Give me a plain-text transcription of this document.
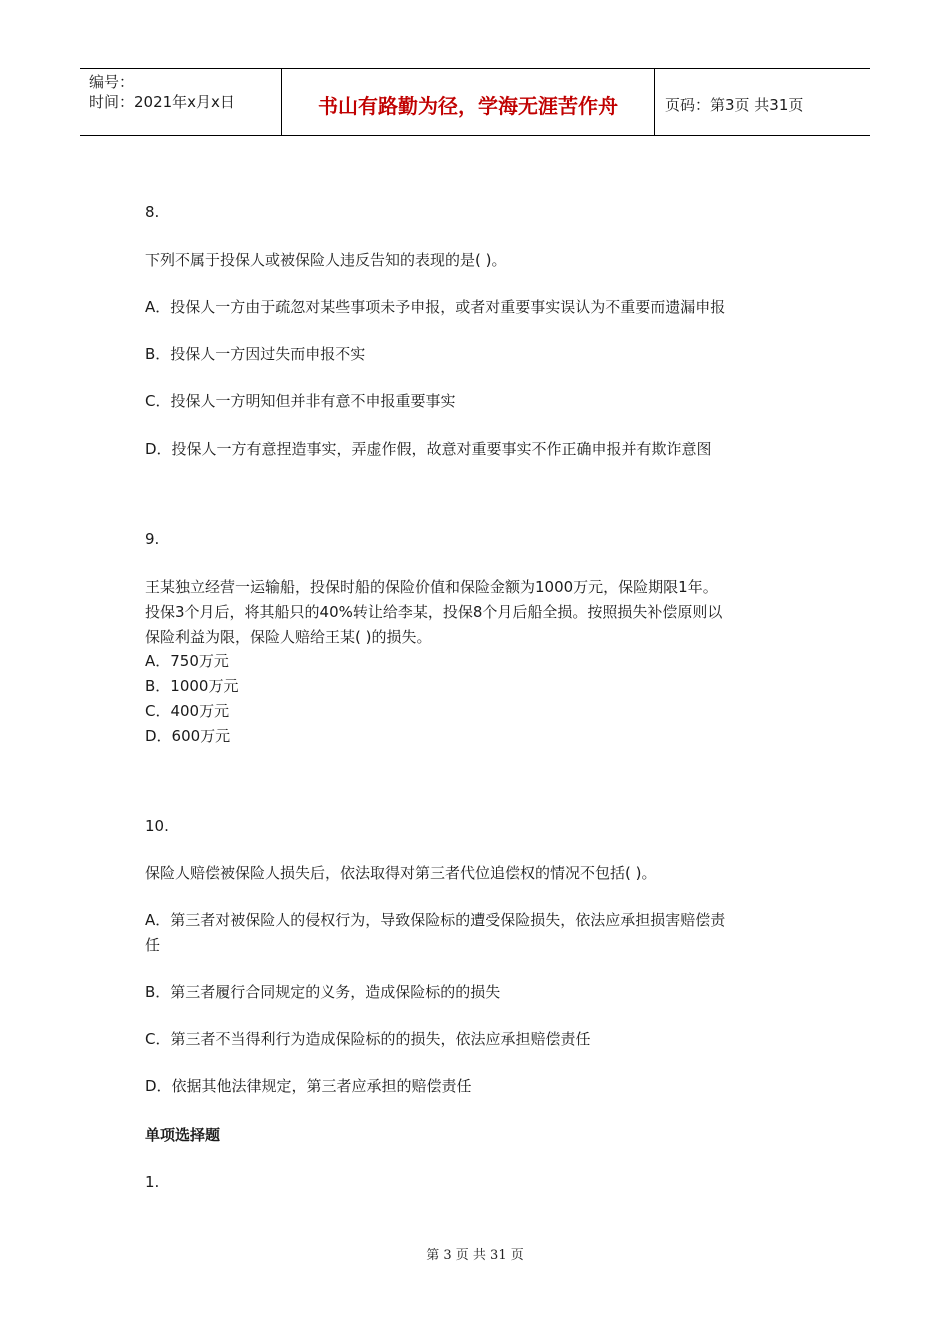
编号：
时间：2021年x月x日	书山有路勤为径，学海无涯苦作舟	页码：第3页 共31页
8.
下列不属于投保人或被保险人违反告知的表现的是( )。
A．投保人一方由于疏忽对某些事项未予申报，或者对重要事实误认为不重要而遗漏申报
B．投保人一方因过失而申报不实
C．投保人一方明知但并非有意不申报重要事实
D．投保人一方有意捏造事实，弄虚作假，故意对重要事实不作正确申报并有欺诈意图
9.
王某独立经营一运输船，投保时船的保险价值和保险金额为1000万元，保险期限1年。
投保3个月后，将其船只的40%转让给李某，投保8个月后船全损。按照损失补偿原则以
保险利益为限，保险人赔给王某( )的损失。
A．750万元
B．1000万元
C．400万元
D．600万元
10.
保险人赔偿被保险人损失后，依法取得对第三者代位追偿权的情况不包括( )。
A．第三者对被保险人的侵权行为，导致保险标的遭受保险损失，依法应承担损害赔偿责
任
B．第三者履行合同规定的义务，造成保险标的的损失
C．第三者不当得利行为造成保险标的的损失，依法应承担赔偿责任
D．依据其他法律规定，第三者应承担的赔偿责任
单项选择题
1.
第 3 页 共 31 页
